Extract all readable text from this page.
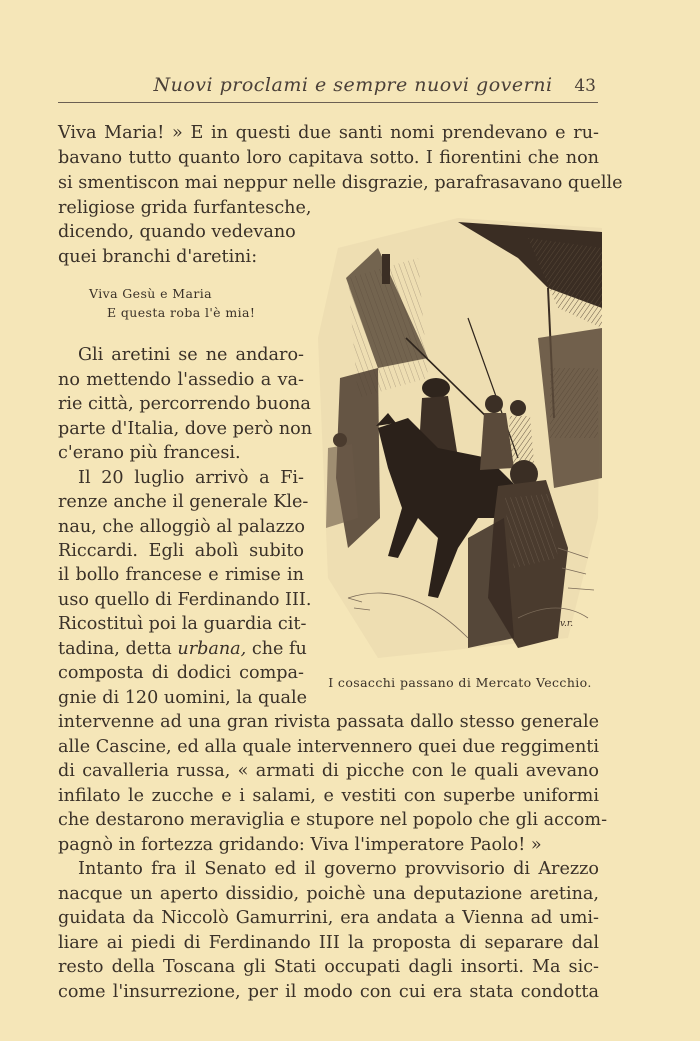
Nuovi proclami e sempre nuovi governi	43
Viva Maria! » E in questi due santi nomi prendevano e ru-
bavano tutto quanto loro capitava sotto. I fiorentini che non
si smentiscon mai neppur nelle disgrazie, parafrasavano quelle
religiose grida furfantesche,
dicendo, quando vedevano
quei branchi d'aretini:
Viva Gesù e Maria
E questa roba l'è mia!
Gli aretini se ne andaro-
no mettendo l'assedio a va-
rie città, percorrendo buona
parte d'Italia, dove però non
c'erano più francesi.
Il 20 luglio arrivò a Fi-
renze anche il generale Kle-
nau, che alloggiò al palazzo
Riccardi. Egli abolì subito
il bollo francese e rimise in
uso quello di Ferdinando III.
Ricostituì poi la guardia cit-
tadina, detta urbana, che fu
composta di dodici compa-
gnie di 120 uomini, la quale
intervenne ad una gran rivista passata dallo stesso generale
alle Cascine, ed alla quale intervennero quei due reggimenti
di cavalleria russa, « armati di picche con le quali avevano
infilato le zucche e i salami, e vestiti con superbe uniformi
che destarono meraviglia e stupore nel popolo che gli accom-
pagnò in fortezza gridando: Viva l'imperatore Paolo! »
Intanto fra il Senato ed il governo provvisorio di Arezzo
nacque un aperto dissidio, poichè una deputazione aretina,
guidata da Niccolò Gamurrini, era andata a Vienna ad umi-
liare ai piedi di Ferdinando III la proposta di separare dal
resto della Toscana gli Stati occupati dagli insorti. Ma sic-
come l'insurrezione, per il modo con cui era stata condotta
v.r.
I cosacchi passano di Mercato Vecchio.
